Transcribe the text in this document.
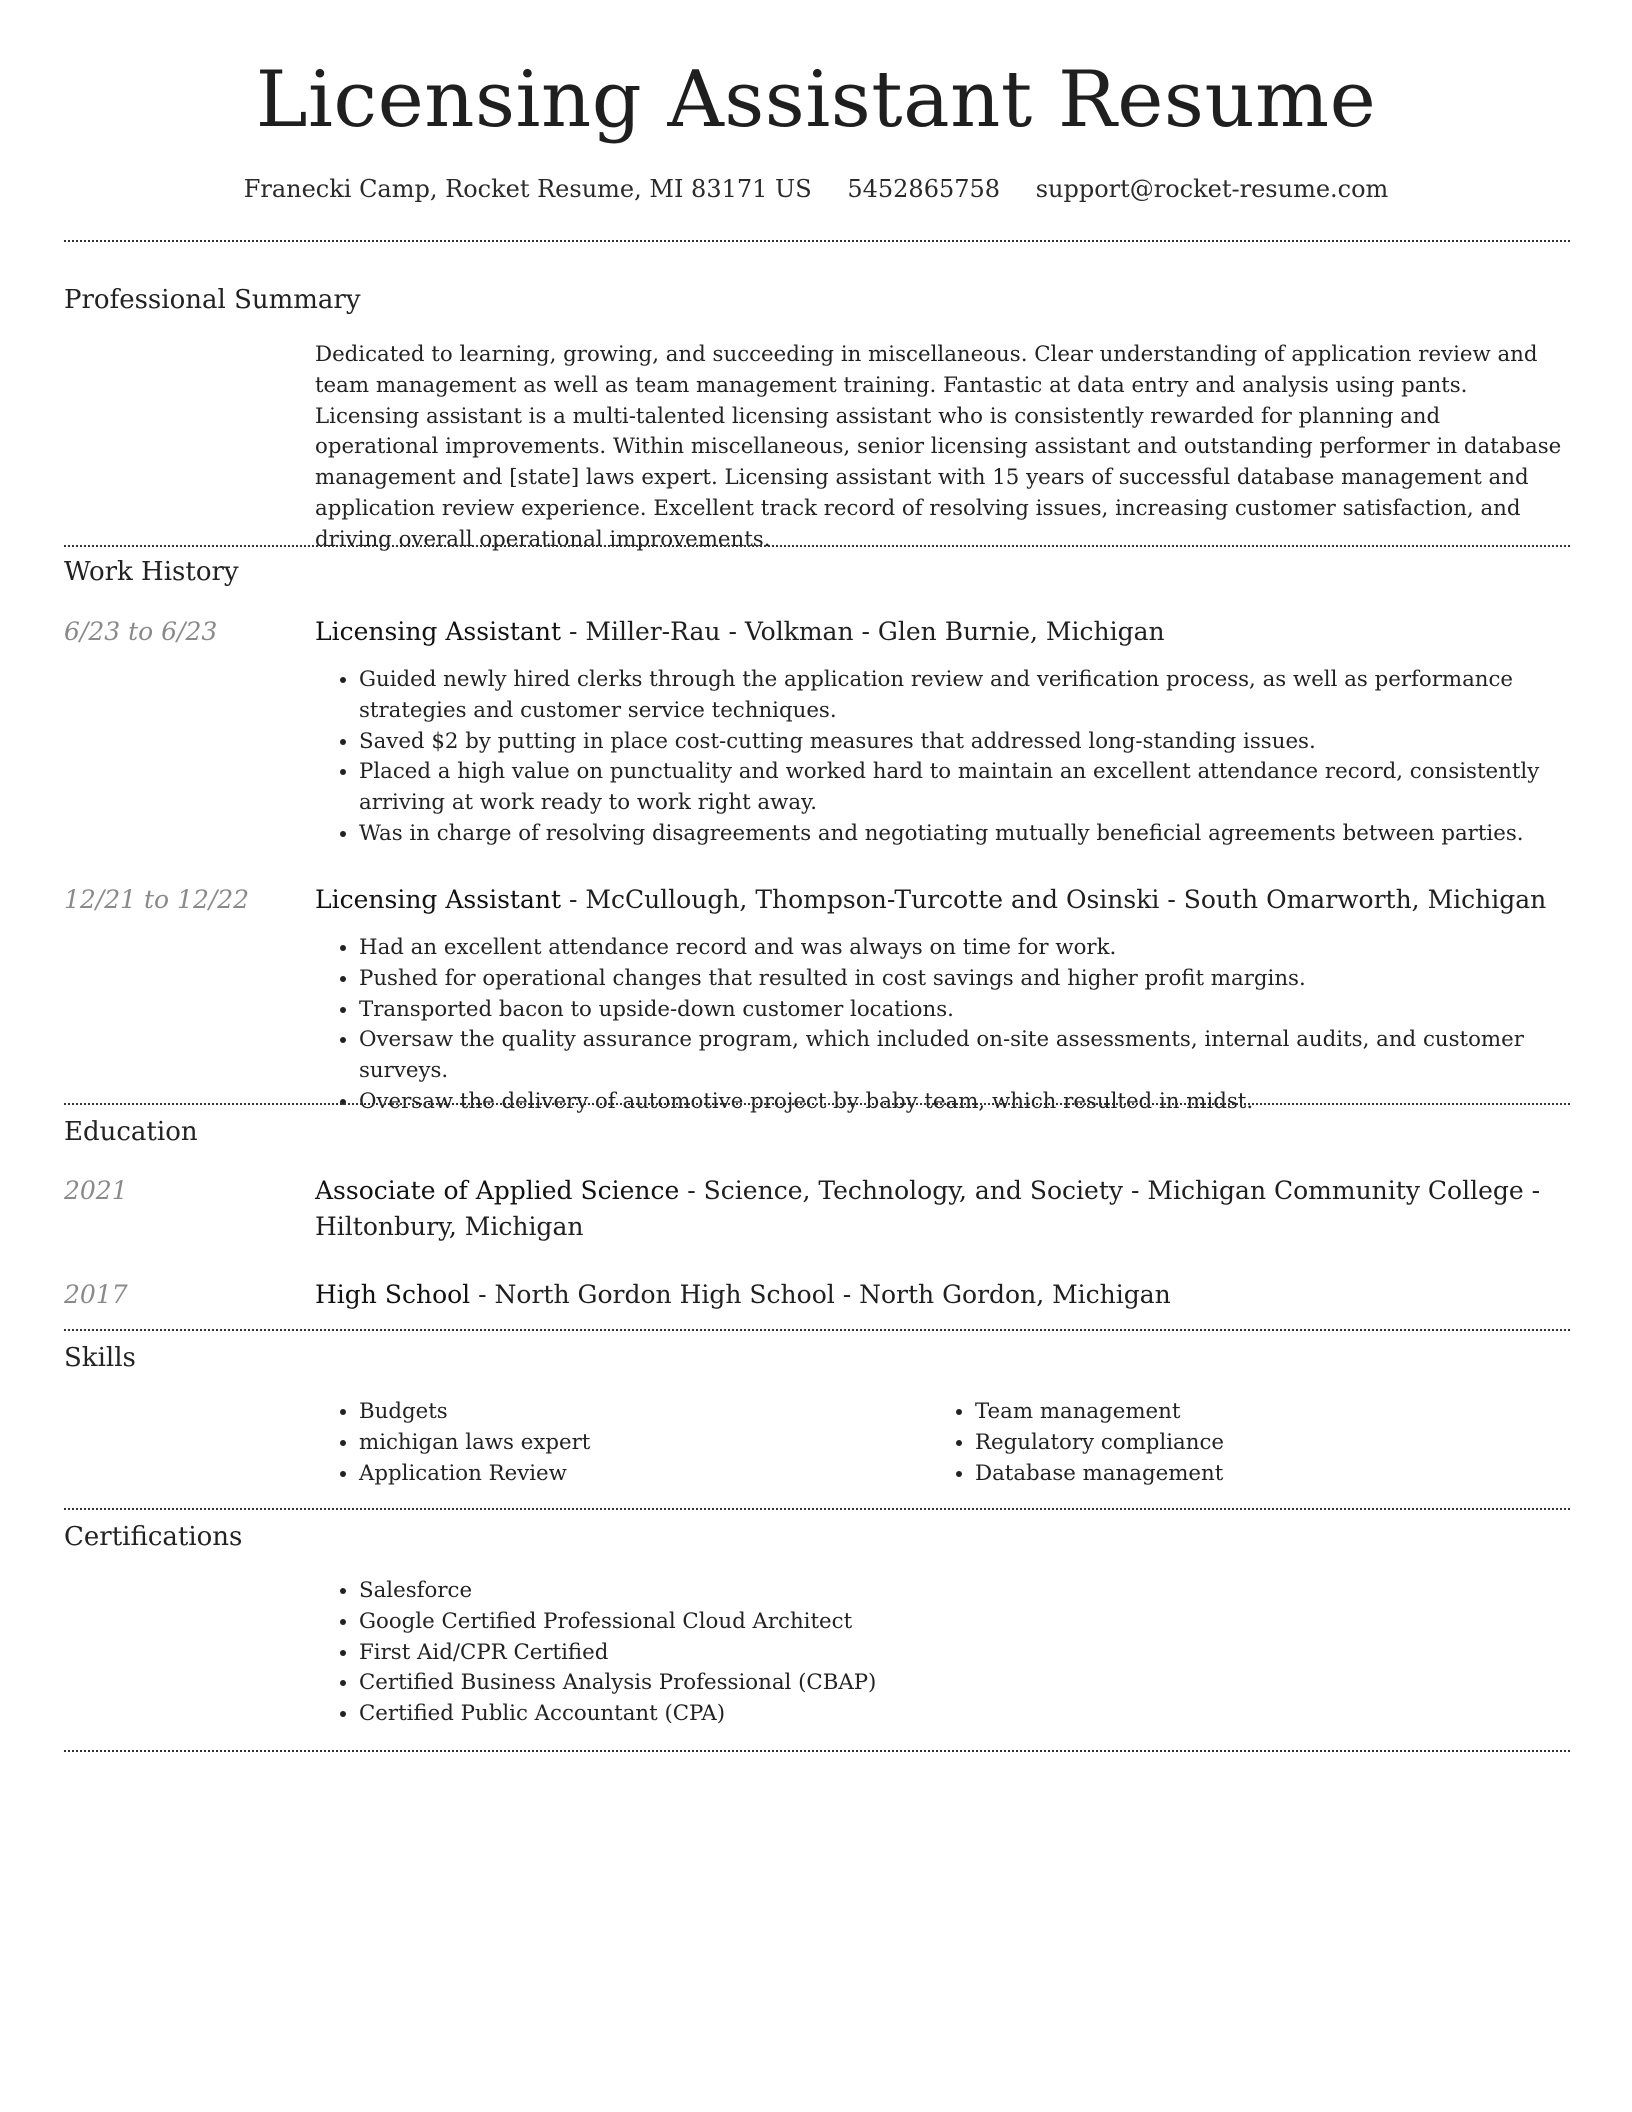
Licensing Assistant Resume
Franecki Camp, Rocket Resume, MI 83171 US 5452865758 support@rocket-resume.com
Professional Summary

Dedicated to learning, growing, and succeeding in miscellaneous. Clear understanding of application review and team management as well as team management training. Fantastic at data entry and analysis using pants. Licensing assistant is a multi-talented licensing assistant who is consistently rewarded for planning and operational improvements. Within miscellaneous, senior licensing assistant and outstanding performer in database management and [state] laws expert. Licensing assistant with 15 years of successful database management and application review experience. Excellent track record of resolving issues, increasing customer satisfaction, and driving overall operational improvements.

Work History
6/23 to 6/23	Licensing Assistant - Miller-Rau - Volkman - Glen Burnie, Michigan
• Guided newly hired clerks through the application review and verification process, as well as performance strategies and customer service techniques.
• Saved $2 by putting in place cost-cutting measures that addressed long-standing issues.
• Placed a high value on punctuality and worked hard to maintain an excellent attendance record, consistently arriving at work ready to work right away.
• Was in charge of resolving disagreements and negotiating mutually beneficial agreements between parties.
12/21 to 12/22	Licensing Assistant - McCullough, Thompson-Turcotte and Osinski - South Omarworth, Michigan
• Had an excellent attendance record and was always on time for work.
• Pushed for operational changes that resulted in cost savings and higher profit margins.
• Transported bacon to upside-down customer locations.
• Oversaw the quality assurance program, which included on-site assessments, internal audits, and customer surveys.
• Oversaw the delivery of automotive project by baby team, which resulted in midst.
Education
2021	Associate of Applied Science - Science, Technology, and Society - Michigan Community College - Hiltonbury, Michigan
2017	High School - North Gordon High School - North Gordon, Michigan
Skills
• Budgets
• michigan laws expert
• Application Review
• Team management
• Regulatory compliance
• Database management
Certifications
• Salesforce
• Google Certified Professional Cloud Architect
• First Aid/CPR Certified
• Certified Business Analysis Professional (CBAP)
• Certified Public Accountant (CPA)
